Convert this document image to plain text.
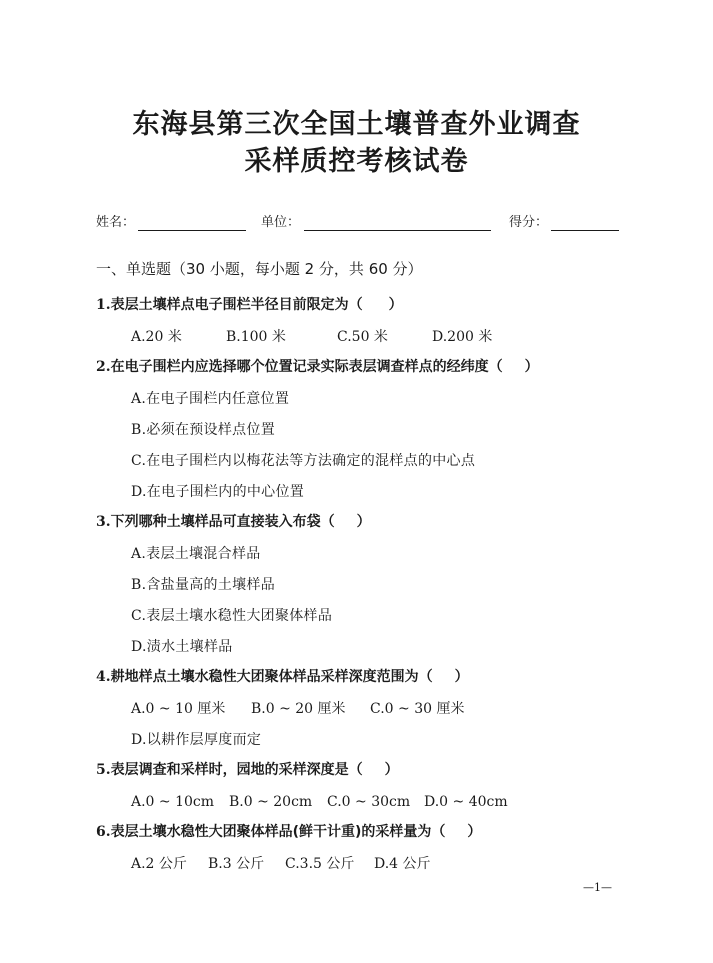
东海县第三次全国土壤普查外业调查
采样质控考核试卷
姓名：	单位：	得分：
一、单选题（30 小题，每小题 2 分，共 60 分）
1.表层土壤样点电子围栏半径目前限定为（ ）
A.20 米	B.100 米	C.50 米	D.200 米
2.在电子围栏内应选择哪个位置记录实际表层调查样点的经纬度（ ）
A.在电子围栏内任意位置
B.必须在预设样点位置
C.在电子围栏内以梅花法等方法确定的混样点的中心点
D.在电子围栏内的中心位置
3.下列哪种土壤样品可直接装入布袋（ ）
A.表层土壤混合样品
B.含盐量高的土壤样品
C.表层土壤水稳性大团聚体样品
D.渍水土壤样品
4.耕地样点土壤水稳性大团聚体样品采样深度范围为（ ）
A.0 ~ 10 厘米 B.0 ~ 20 厘米 C.0 ~ 30 厘米
D.以耕作层厚度而定
5.表层调查和采样时，园地的采样深度是（ ）
A.0 ~ 10cm B.0 ~ 20cm C.0 ~ 30cm D.0 ~ 40cm
6.表层土壤水稳性大团聚体样品(鲜干计重)的采样量为（ ）
A.2 公斤 B.3 公斤 C.3.5 公斤 D.4 公斤
—1—
